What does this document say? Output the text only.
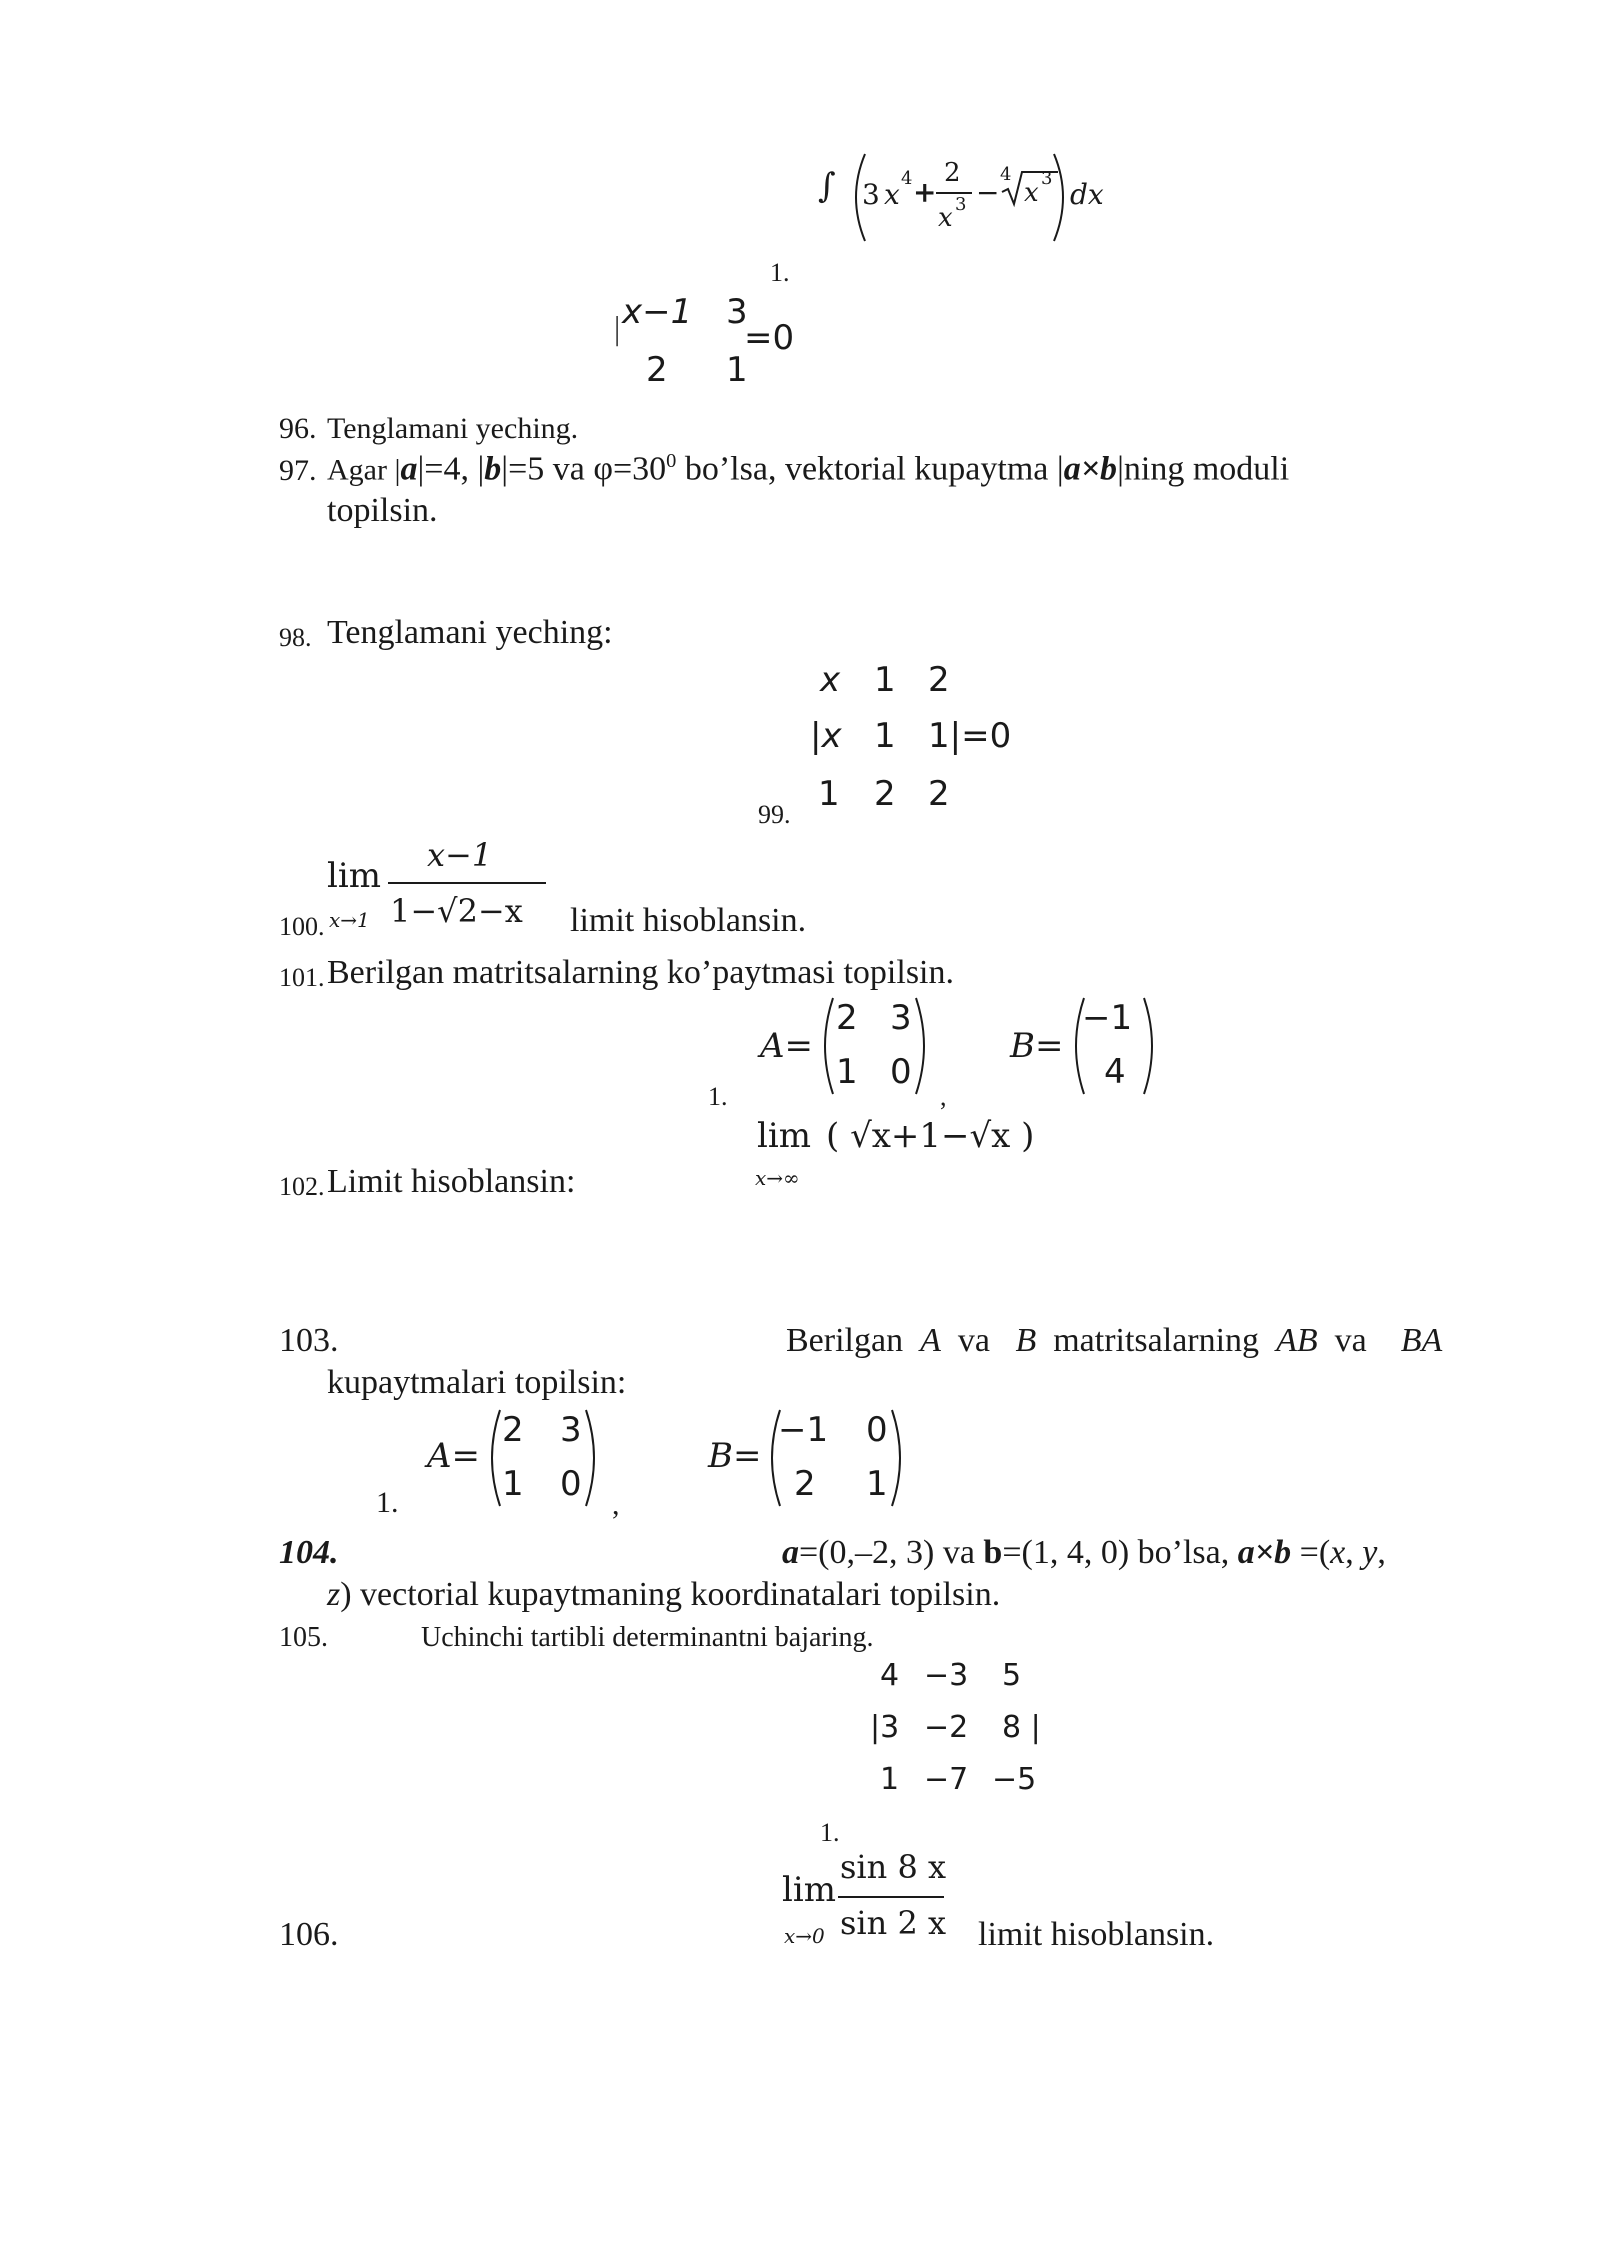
∫ 3 x 4 +
2
x 3 −
4
x 3 dx
1.
| x−1 3
2 1
=0
96. Tenglamani yeching.
97. Agar |a|=4, |b|=5 va $\varphi=30^0$ bo’lsa, vektorial kupaytma |a×b|ning moduli
topilsin.
98. Tenglamani yeching:
x 1 2
|x 1 1|=0
99.
1 2 2
lim
x−1
100. x→1 1−√2−x limit hisoblansin.
101. Berilgan matritsalarning ko’paytmasi topilsin.
1.
A=
2 3
1 0
,
B=
−1
4
lim ( √x+1−√x )
x→∞
102. Limit hisoblansin:
103.	Berilgan A va B matritsalarning AB va BA
kupaytmalari topilsin:
1.
A=
2 3
1 0
,
B=
−1 0
2 1
104.	a=(0,–2, 3) va b=(1, 4, 0) bo’lsa, a×b =(x, y,
z) vectorial kupaytmaning koordinatalari topilsin.
105.	Uchinchi tartibli determinantni bajaring.
4 −3 5
|3 −2 8 |
1 −7 −5
1.
lim
sin 8 x
106.	x→0 sin 2 x limit hisoblansin.
